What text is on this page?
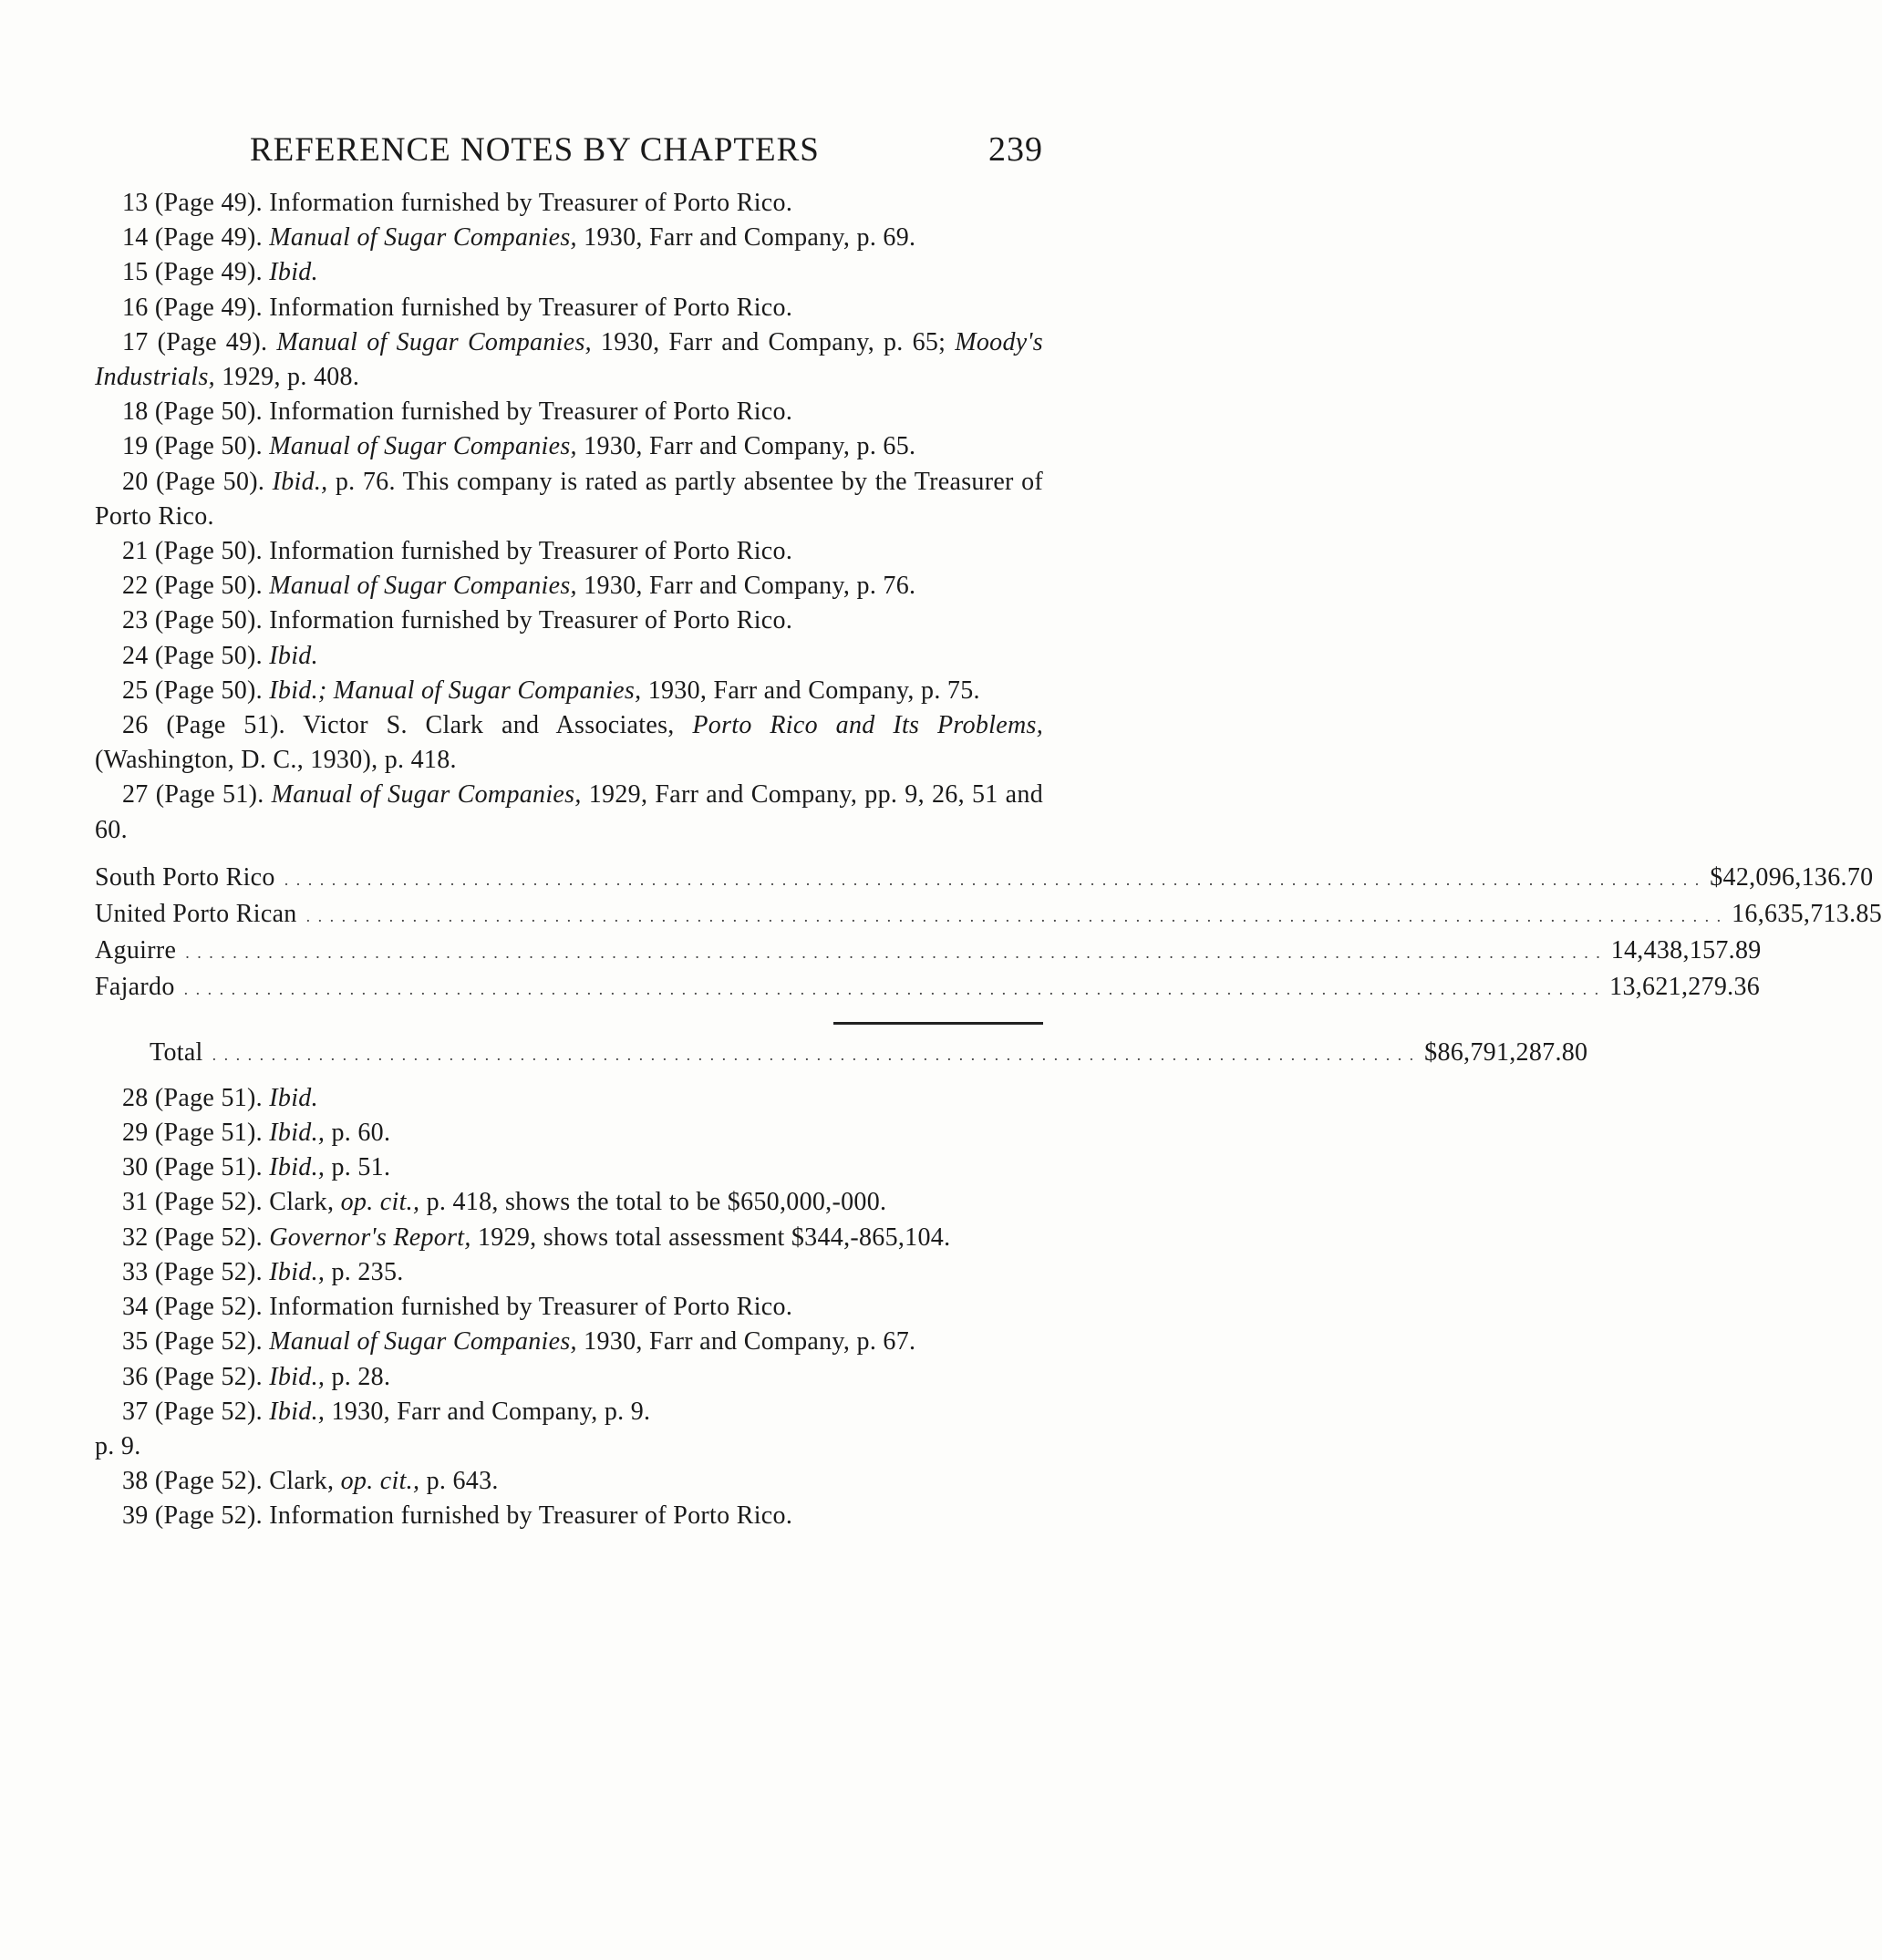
REFERENCE NOTES BY CHAPTERS	239

13 (Page 49). Information furnished by Treasurer of Porto Rico.

14 (Page 49). Manual of Sugar Companies, 1930, Farr and Company, p. 69.

15 (Page 49). Ibid.

16 (Page 49). Information furnished by Treasurer of Porto Rico.

17 (Page 49). Manual of Sugar Companies, 1930, Farr and Company, p. 65; Moody's Industrials, 1929, p. 408.

18 (Page 50). Information furnished by Treasurer of Porto Rico.

19 (Page 50). Manual of Sugar Companies, 1930, Farr and Company, p. 65.

20 (Page 50). Ibid., p. 76. This company is rated as partly absentee by the Treasurer of Porto Rico.

21 (Page 50). Information furnished by Treasurer of Porto Rico.

22 (Page 50). Manual of Sugar Companies, 1930, Farr and Company, p. 76.

23 (Page 50). Information furnished by Treasurer of Porto Rico.

24 (Page 50). Ibid.

25 (Page 50). Ibid.; Manual of Sugar Companies, 1930, Farr and Company, p. 75.

26 (Page 51). Victor S. Clark and Associates, Porto Rico and Its Problems, (Washington, D. C., 1930), p. 418.

27 (Page 51). Manual of Sugar Companies, 1929, Farr and Company, pp. 9, 26, 51 and 60.

South Porto Rico . . . . . . . . . . . . . . . . . . . . . . . . . . . . . . . . . . . . . . . . . . . . . . . . . . . . . . . . . . . . . . . . . . . . . . . . . . . . . . . . . . . . . . . . . . . . . . . . . . . . . . . . . . . . . . . . . . . . . . . . $42,096,136.70
United Porto Rican . . . . . . . . . . . . . . . . . . . . . . . . . . . . . . . . . . . . . . . . . . . . . . . . . . . . . . . . . . . . . . . . . . . . . . . . . . . . . . . . . . . . . . . . . . . . . . . . . . . . . . . . . . . . . . . . . . . . . . . . 16,635,713.85
Aguirre . . . . . . . . . . . . . . . . . . . . . . . . . . . . . . . . . . . . . . . . . . . . . . . . . . . . . . . . . . . . . . . . . . . . . . . . . . . . . . . . . . . . . . . . . . . . . . . . . . . . . . . . . . . . . . . . . . . . . . . . 14,438,157.89
Fajardo . . . . . . . . . . . . . . . . . . . . . . . . . . . . . . . . . . . . . . . . . . . . . . . . . . . . . . . . . . . . . . . . . . . . . . . . . . . . . . . . . . . . . . . . . . . . . . . . . . . . . . . . . . . . . . . . . . . . . . . . 13,621,279.36
Total . . . . . . . . . . . . . . . . . . . . . . . . . . . . . . . . . . . . . . . . . . . . . . . . . . . . . . . . . . . . . . . . . . . . . . . . . . . . . . . . . . . . . . . . . . . . . . . . . . . . . . $86,791,287.80

28 (Page 51). Ibid.

29 (Page 51). Ibid., p. 60.

30 (Page 51). Ibid., p. 51.

31 (Page 52). Clark, op. cit., p. 418, shows the total to be $650,000,-000.

32 (Page 52). Governor's Report, 1929, shows total assessment $344,-865,104.

33 (Page 52). Ibid., p. 235.

34 (Page 52). Information furnished by Treasurer of Porto Rico.

35 (Page 52). Manual of Sugar Companies, 1930, Farr and Company, p. 67.

36 (Page 52). Ibid., p. 28.

37 (Page 52). Ibid., 1930, Farr and Company, p. 9.
p. 9.

38 (Page 52). Clark, op. cit., p. 643.

39 (Page 52). Information furnished by Treasurer of Porto Rico.
